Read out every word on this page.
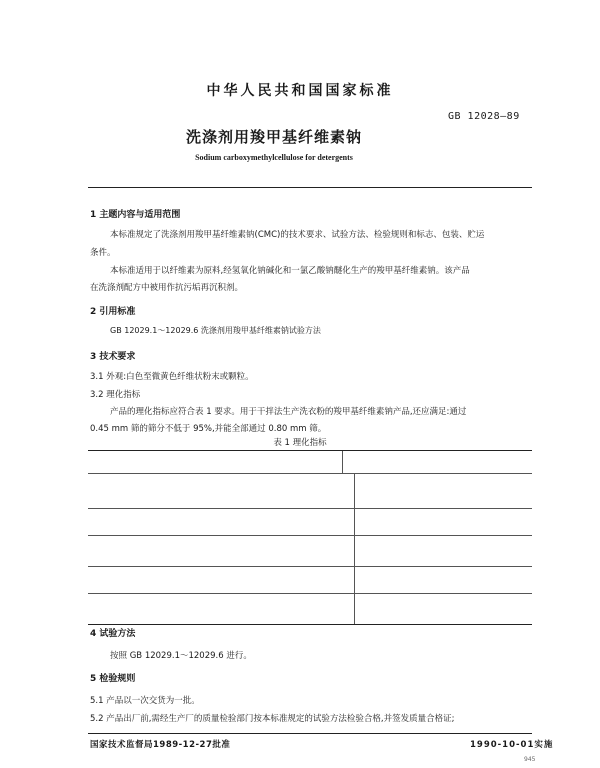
中华人民共和国国家标准
GB 12028—89
洗涤剂用羧甲基纤维素钠
Sodium carboxymethylcellulose for detergents
1 主题内容与适用范围
本标准规定了洗涤剂用羧甲基纤维素钠(CMC)的技术要求、试验方法、检验规则和标志、包装、贮运
条件。
本标准适用于以纤维素为原料,经氢氧化钠碱化和一氯乙酸钠醚化生产的羧甲基纤维素钠。该产品
在洗涤剂配方中被用作抗污垢再沉积剂。
2 引用标准
GB 12029.1～12029.6 洗涤剂用羧甲基纤维素钠试验方法
3 技术要求
3.1 外观:白色至微黄色纤维状粉末或颗粒。
3.2 理化指标
产品的理化指标应符合表 1 要求。用于干拌法生产洗衣粉的羧甲基纤维素钠产品,还应满足:通过
0.45 mm 筛的筛分不低于 95%,并能全部通过 0.80 mm 筛。
表 1 理化指标
4 试验方法
按照 GB 12029.1～12029.6 进行。
5 检验规则
5.1 产品以一次交货为一批。
5.2 产品出厂前,需经生产厂的质量检验部门按本标准规定的试验方法检验合格,并签发质量合格证;
国家技术监督局1989-12-27批准	1990-10-01实施
945
